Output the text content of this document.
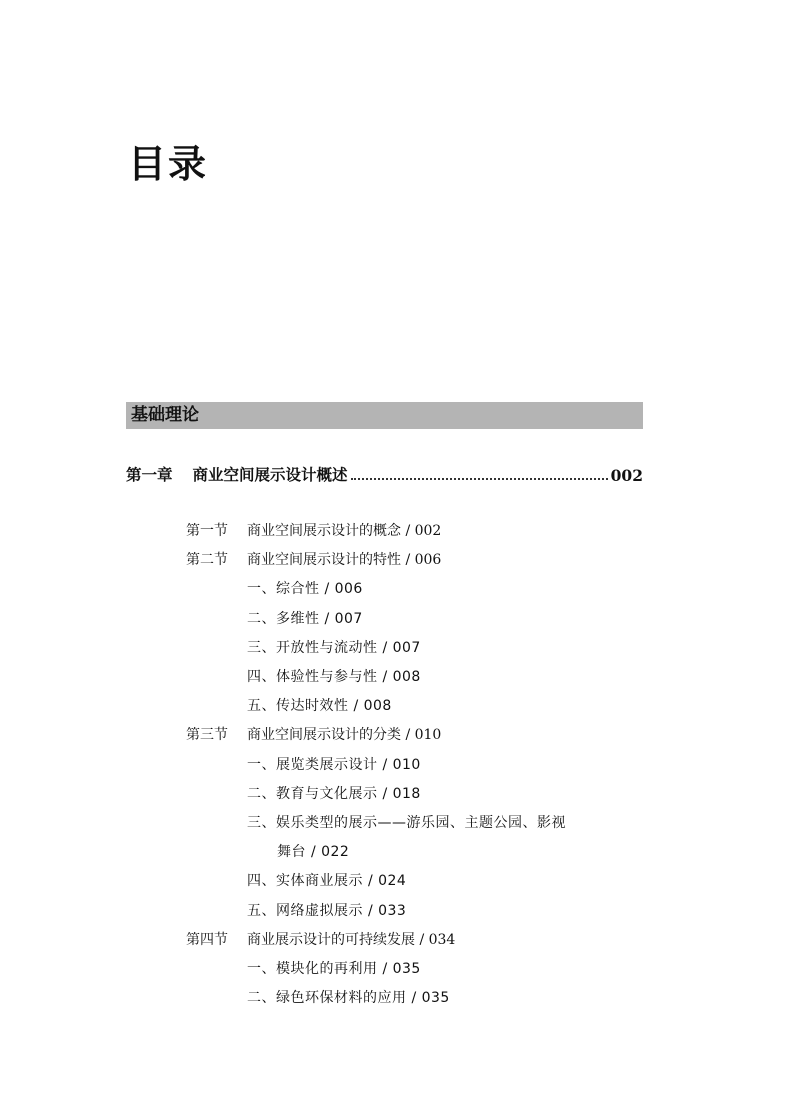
目录
基础理论
第一章 商业空间展示设计概述	002
第一节 商业空间展示设计的概念 / 002
第二节 商业空间展示设计的特性 / 006
一、综合性 / 006
二、多维性 / 007
三、开放性与流动性 / 007
四、体验性与参与性 / 008
五、传达时效性 / 008
第三节 商业空间展示设计的分类 / 010
一、展览类展示设计 / 010
二、教育与文化展示 / 018
三、娱乐类型的展示——游乐园、主题公园、影视
舞台 / 022
四、实体商业展示 / 024
五、网络虚拟展示 / 033
第四节 商业展示设计的可持续发展 / 034
一、模块化的再利用 / 035
二、绿色环保材料的应用 / 035
